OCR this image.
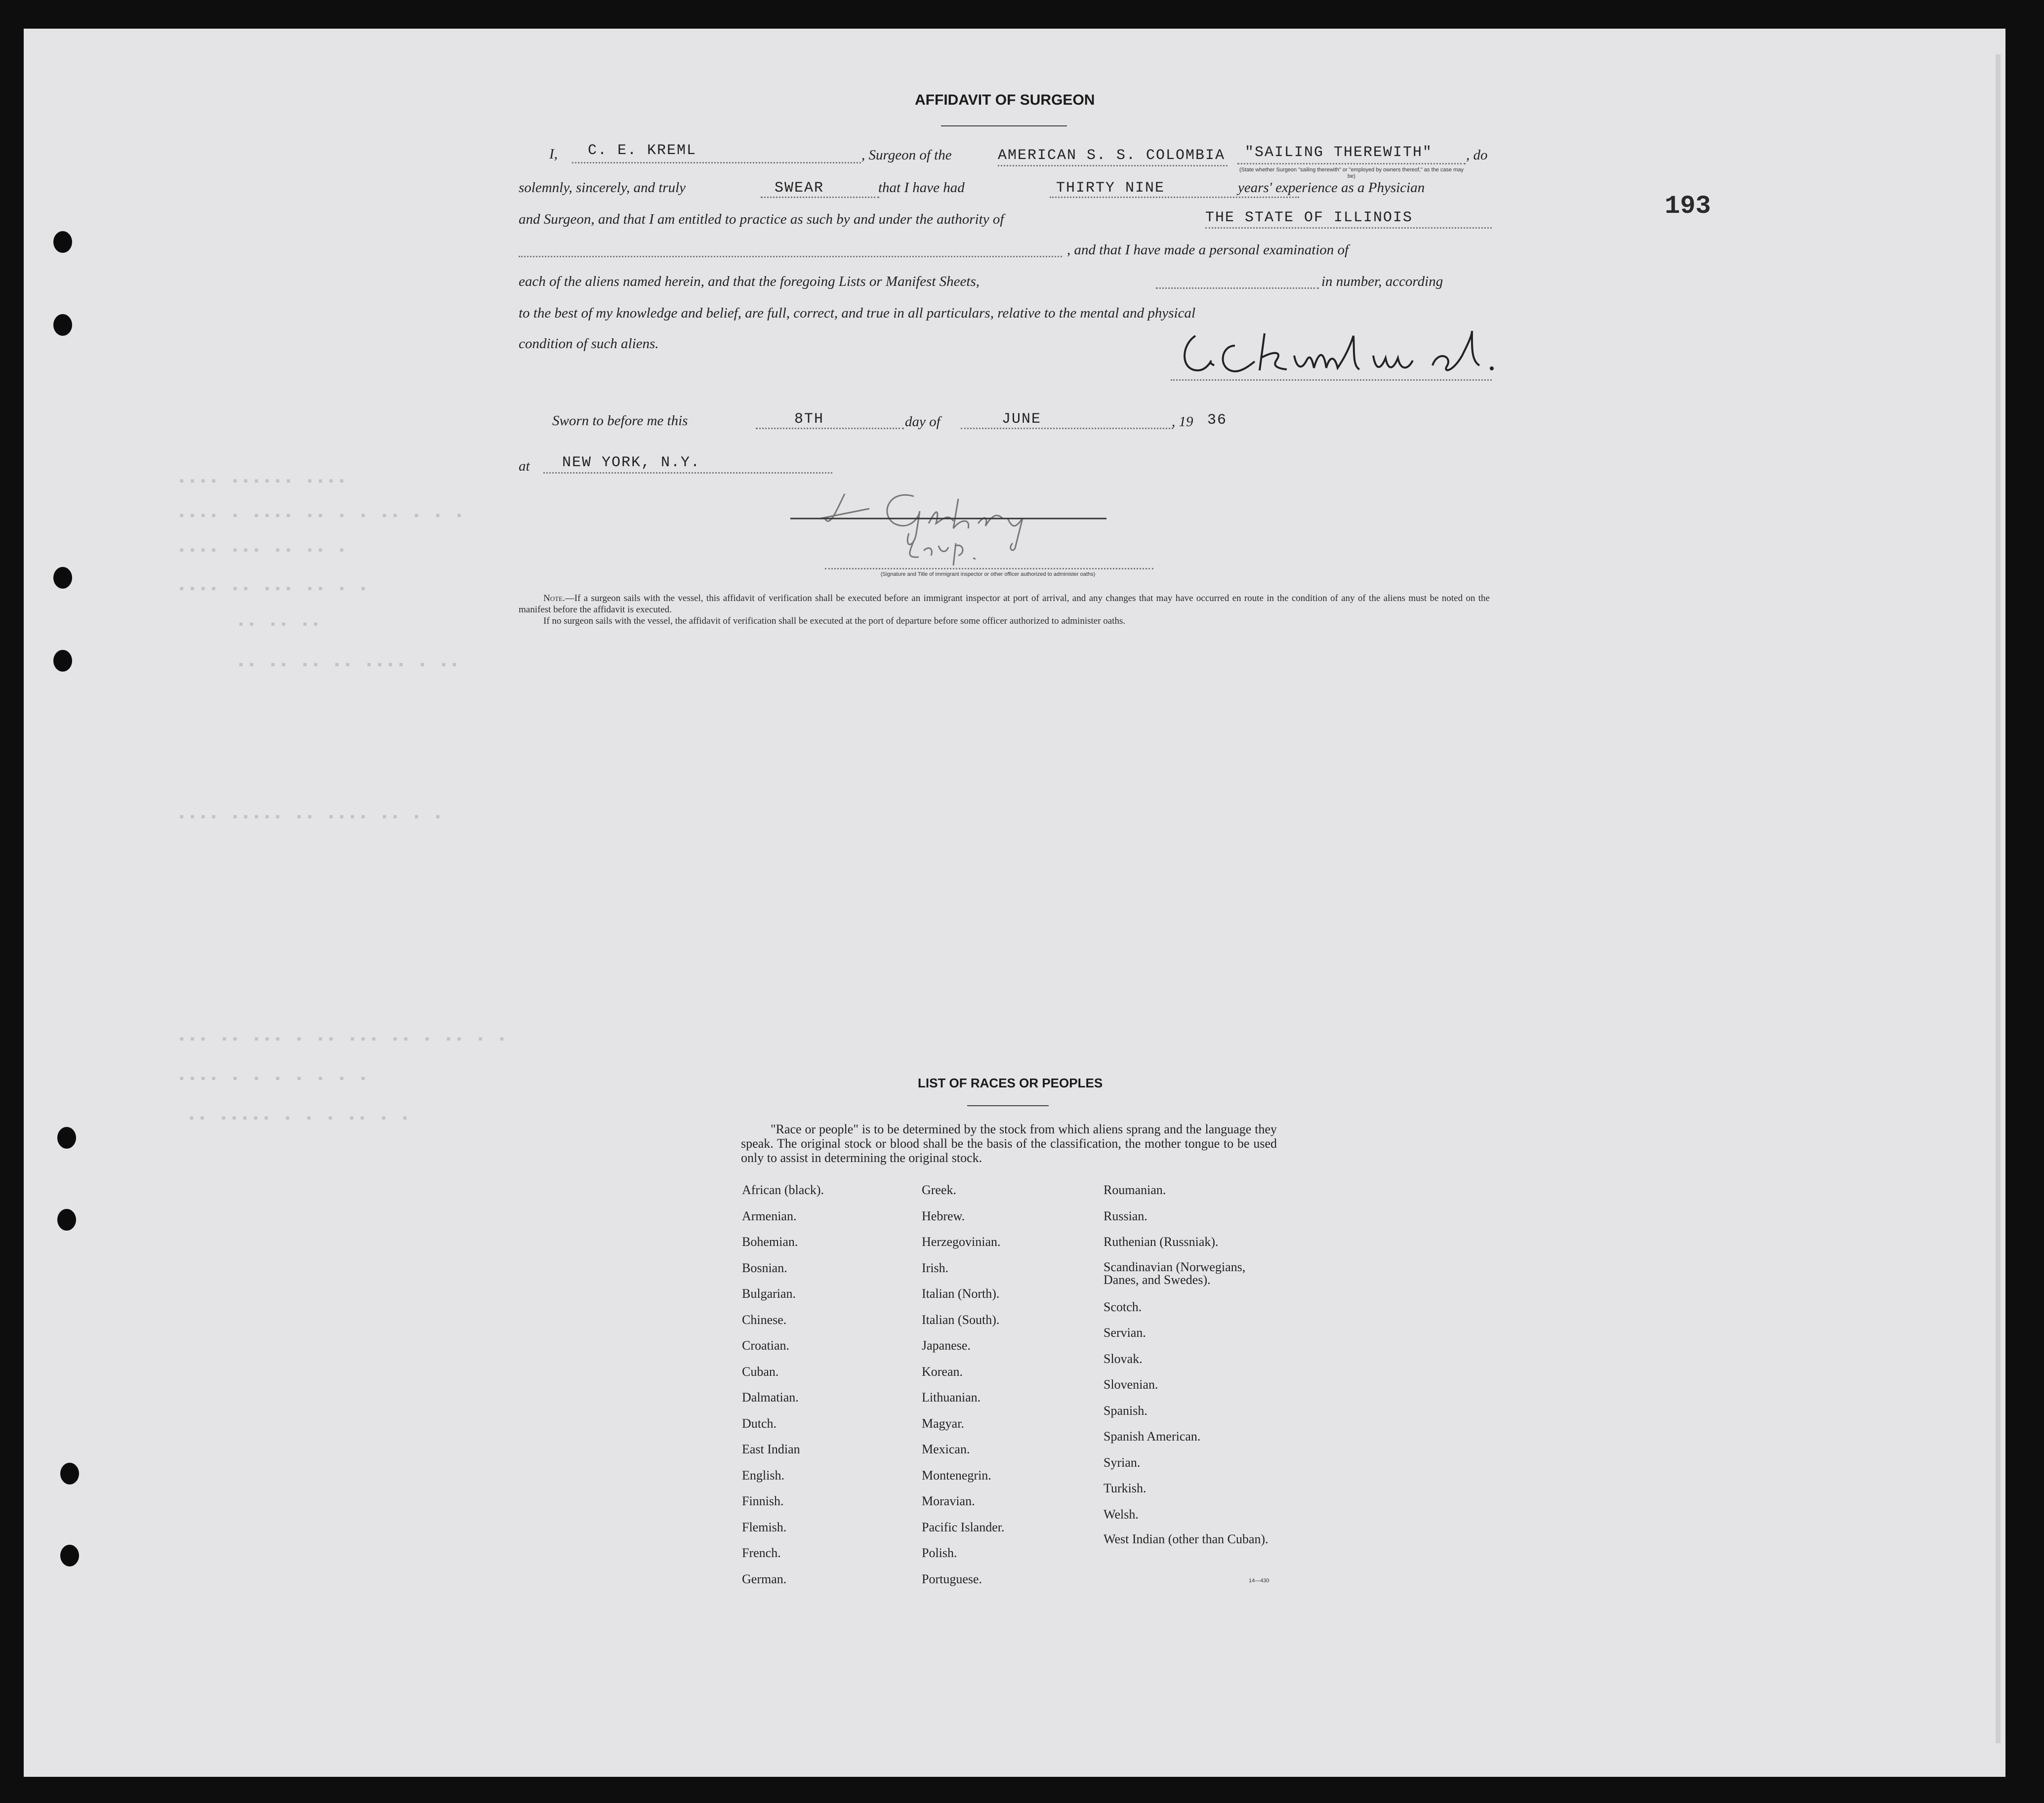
▪▪▪▪ ▪▪▪▪▪▪ ▪▪▪▪
▪▪▪▪ ▪ ▪▪▪▪ ▪▪ ▪ ▪ ▪▪ ▪ ▪ ▪
▪▪▪▪ ▪▪▪ ▪▪ ▪▪ ▪
▪▪▪▪ ▪▪ ▪▪▪ ▪▪ ▪ ▪
▪▪ ▪▪ ▪▪
▪▪ ▪▪ ▪▪ ▪▪ ▪▪▪▪ ▪ ▪▪
▪▪▪▪ ▪▪▪▪▪ ▪▪ ▪▪▪▪ ▪▪ ▪ ▪
▪▪▪ ▪▪ ▪▪▪ ▪ ▪▪ ▪▪▪ ▪▪ ▪ ▪▪ ▪ ▪
▪▪▪▪ ▪ ▪ ▪ ▪ ▪ ▪ ▪
▪▪ ▪▪▪▪▪ ▪ ▪ ▪ ▪▪ ▪ ▪
193
AFFIDAVIT OF SURGEON
I, C. E. KREML	, Surgeon of the	AMERICAN S. S. COLOMBIA "SAILING THEREWITH" , do
(State whether Surgeon "sailing therewith" or "employed by owners thereof," as the case may be)
solemnly, sincerely, and truly	SWEAR	that I have had	THIRTY NINE	years' experience as a Physician
and Surgeon, and that I am entitled to practice as such by and under the authority of	THE STATE OF ILLINOIS
, and that I have made a personal examination of
each of the aliens named herein, and that the foregoing Lists or Manifest Sheets,	in number, according
to the best of my knowledge and belief, are full, correct, and true in all particulars, relative to the mental and physical
condition of such aliens.
Sworn to before me this	8TH	day of	JUNE	, 19 36
at NEW YORK, N.Y.
(Signature and Title of immigrant inspector or other officer authorized to administer oaths)
Note.—If a surgeon sails with the vessel, this affidavit of verification shall be executed before an immigrant inspector at port of arrival, and any changes that may have occurred en route in the condition of any of the aliens must be noted on the manifest before the affidavit is executed.
If no surgeon sails with the vessel, the affidavit of verification shall be executed at the port of departure before some officer authorized to administer oaths.
LIST OF RACES OR PEOPLES
"Race or people" is to be determined by the stock from which aliens sprang and the language they speak. The original stock or blood shall be the basis of the classification, the mother tongue to be used only to assist in determining the original stock.
African (black).
Armenian.
Bohemian.
Bosnian.
Bulgarian.
Chinese.
Croatian.
Cuban.
Dalmatian.
Dutch.
East Indian
English.
Finnish.
Flemish.
French.
German.
Greek.
Hebrew.
Herzegovinian.
Irish.
Italian (North).
Italian (South).
Japanese.
Korean.
Lithuanian.
Magyar.
Mexican.
Montenegrin.
Moravian.
Pacific Islander.
Polish.
Portuguese.
Roumanian.
Russian.
Ruthenian (Russniak).
Scandinavian (Norwegians, Danes, and Swedes).
Scotch.
Servian.
Slovak.
Slovenian.
Spanish.
Spanish American.
Syrian.
Turkish.
Welsh.
West Indian (other than Cuban).
14—430
